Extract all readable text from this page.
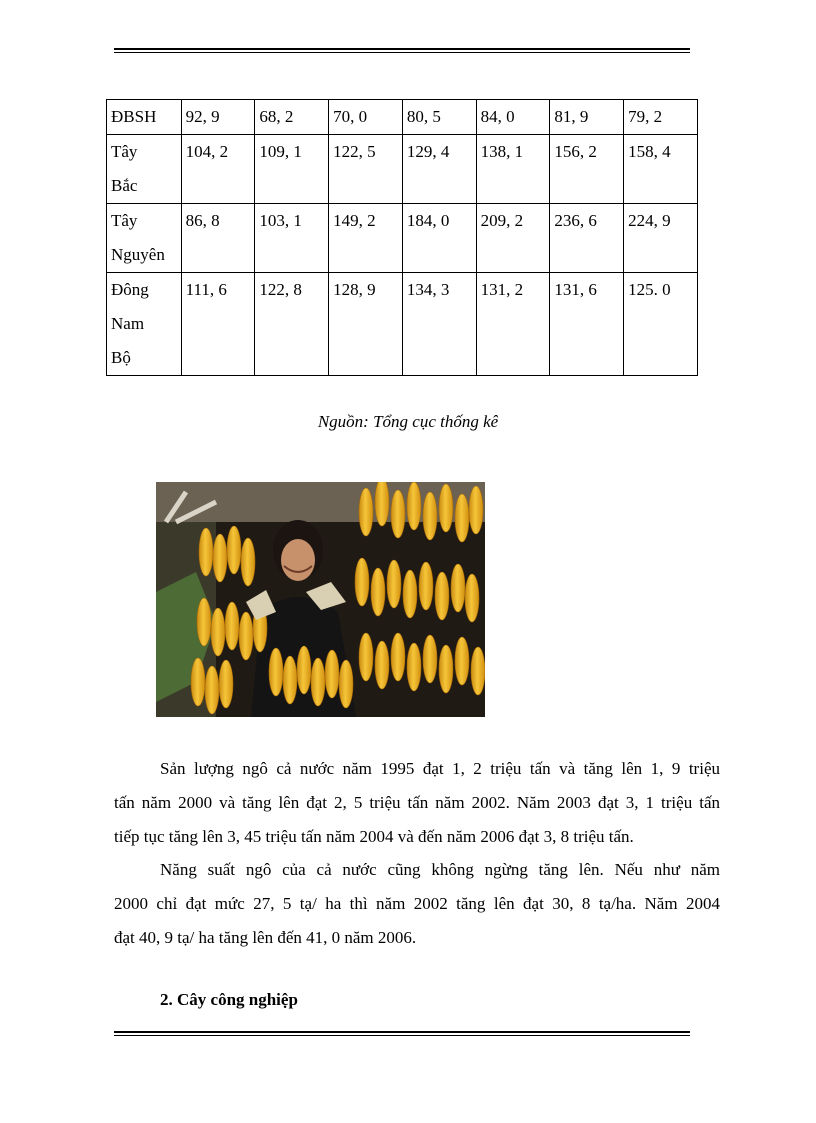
ĐBSH	92, 9	68, 2	70, 0	80, 5	84, 0	81, 9	79, 2

Tây
Bắc	104, 2	109, 1	122, 5	129, 4	138, 1	156, 2	158, 4

Tây
Nguyên	86, 8	103, 1	149, 2	184, 0	209, 2	236, 6	224, 9

Đông
Nam
Bộ	111, 6	122, 8	128, 9	134, 3	131, 2	131, 6	125. 0
Nguồn: Tổng cục thống kê

Sản lượng ngô cả nước năm 1995 đạt 1, 2 triệu tấn và tăng lên 1, 9 triệu
tấn năm 2000 và tăng lên đạt 2, 5 triệu tấn năm 2002. Năm 2003 đạt 3, 1 triệu tấn
tiếp tục tăng lên 3, 45 triệu tấn năm 2004 và đến năm 2006 đạt 3, 8 triệu tấn.

Năng suất ngô của cả nước cũng không ngừng tăng lên. Nếu như năm
2000 chỉ đạt mức 27, 5 tạ/ ha thì năm 2002 tăng lên đạt 30, 8 tạ/ha. Năm 2004
đạt 40, 9 tạ/ ha tăng lên đến 41, 0 năm 2006.

2. Cây công nghiệp
